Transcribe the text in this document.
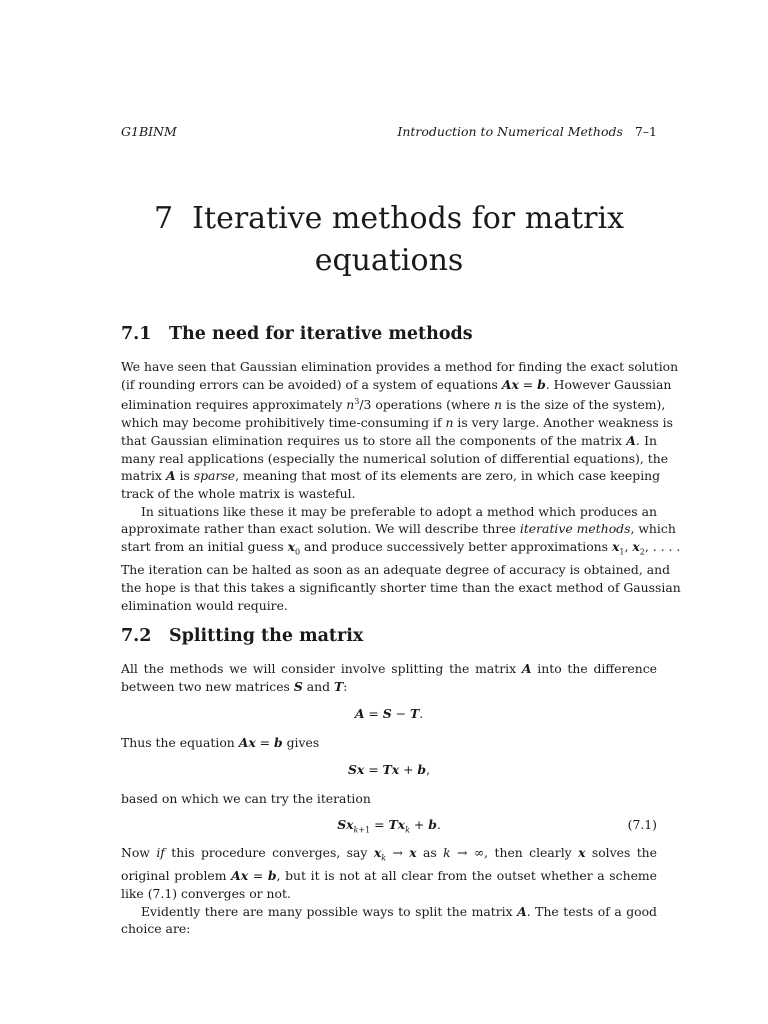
G1BINM	Introduction to Numerical Methods 7–1
7 Iterative methods for matrix
equations
7.1 The need for iterative methods
We have seen that Gaussian elimination provides a method for finding the exact solution
(if rounding errors can be avoided) of a system of equations Ax = b. However Gaussian
elimination requires approximately $n^3/3$ operations (where n is the size of the system),
which may become prohibitively time-consuming if n is very large. Another weakness is
that Gaussian elimination requires us to store all the components of the matrix A. In
many real applications (especially the numerical solution of differential equations), the
matrix A is sparse, meaning that most of its elements are zero, in which case keeping
track of the whole matrix is wasteful.
In situations like these it may be preferable to adopt a method which produces an
approximate rather than exact solution. We will describe three iterative methods, which
start from an initial guess $x_0$ and produce successively better approximations $x_1$, $x_2$, . . . .
The iteration can be halted as soon as an adequate degree of accuracy is obtained, and
the hope is that this takes a significantly shorter time than the exact method of Gaussian
elimination would require.
7.2 Splitting the matrix
All the methods we will consider involve splitting the matrix A into the difference
between two new matrices S and T:
A = S − T.
Thus the equation Ax = b gives
Sx = Tx + b,
based on which we can try the iteration
$Sx_{k+1} = Tx_k + b$.	(7.1)
Now if this procedure converges, say $x_k \to x$ as k → ∞, then clearly x solves the
original problem Ax = b, but it is not at all clear from the outset whether a scheme
like (7.1) converges or not.
Evidently there are many possible ways to split the matrix A. The tests of a good
choice are:
